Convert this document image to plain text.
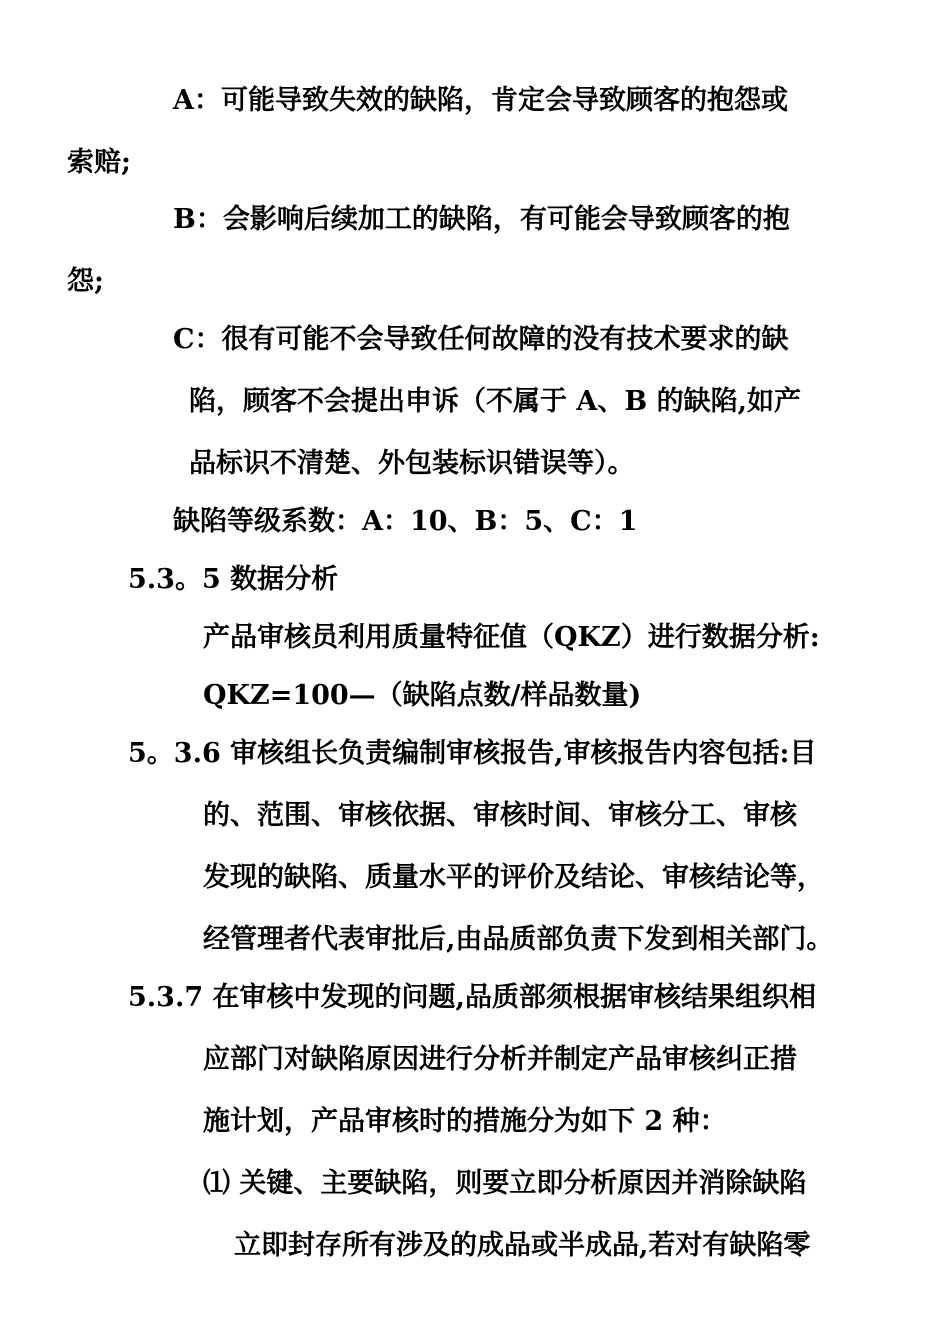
A：可能导致失效的缺陷，肯定会导致顾客的抱怨或
索赔;
B：会影响后续加工的缺陷，有可能会导致顾客的抱
怨;
C：很有可能不会导致任何故障的没有技术要求的缺
陷，顾客不会提出申诉（不属于 A、B 的缺陷,如产
品标识不清楚、外包装标识错误等）。
缺陷等级系数：A：10、B：5、C：1
5.3。5 数据分析
产品审核员利用质量特征值（QKZ）进行数据分析:
QKZ=100—（缺陷点数/样品数量)
5。3.6 审核组长负责编制审核报告,审核报告内容包括:目
的、范围、审核依据、审核时间、审核分工、审核
发现的缺陷、质量水平的评价及结论、审核结论等，
经管理者代表审批后,由品质部负责下发到相关部门。
5.3.7 在审核中发现的问题,品质部须根据审核结果组织相
应部门对缺陷原因进行分析并制定产品审核纠正措
施计划，产品审核时的措施分为如下 2 种：
⑴ 关键、主要缺陷，则要立即分析原因并消除缺陷
立即封存所有涉及的成品或半成品,若对有缺陷零
